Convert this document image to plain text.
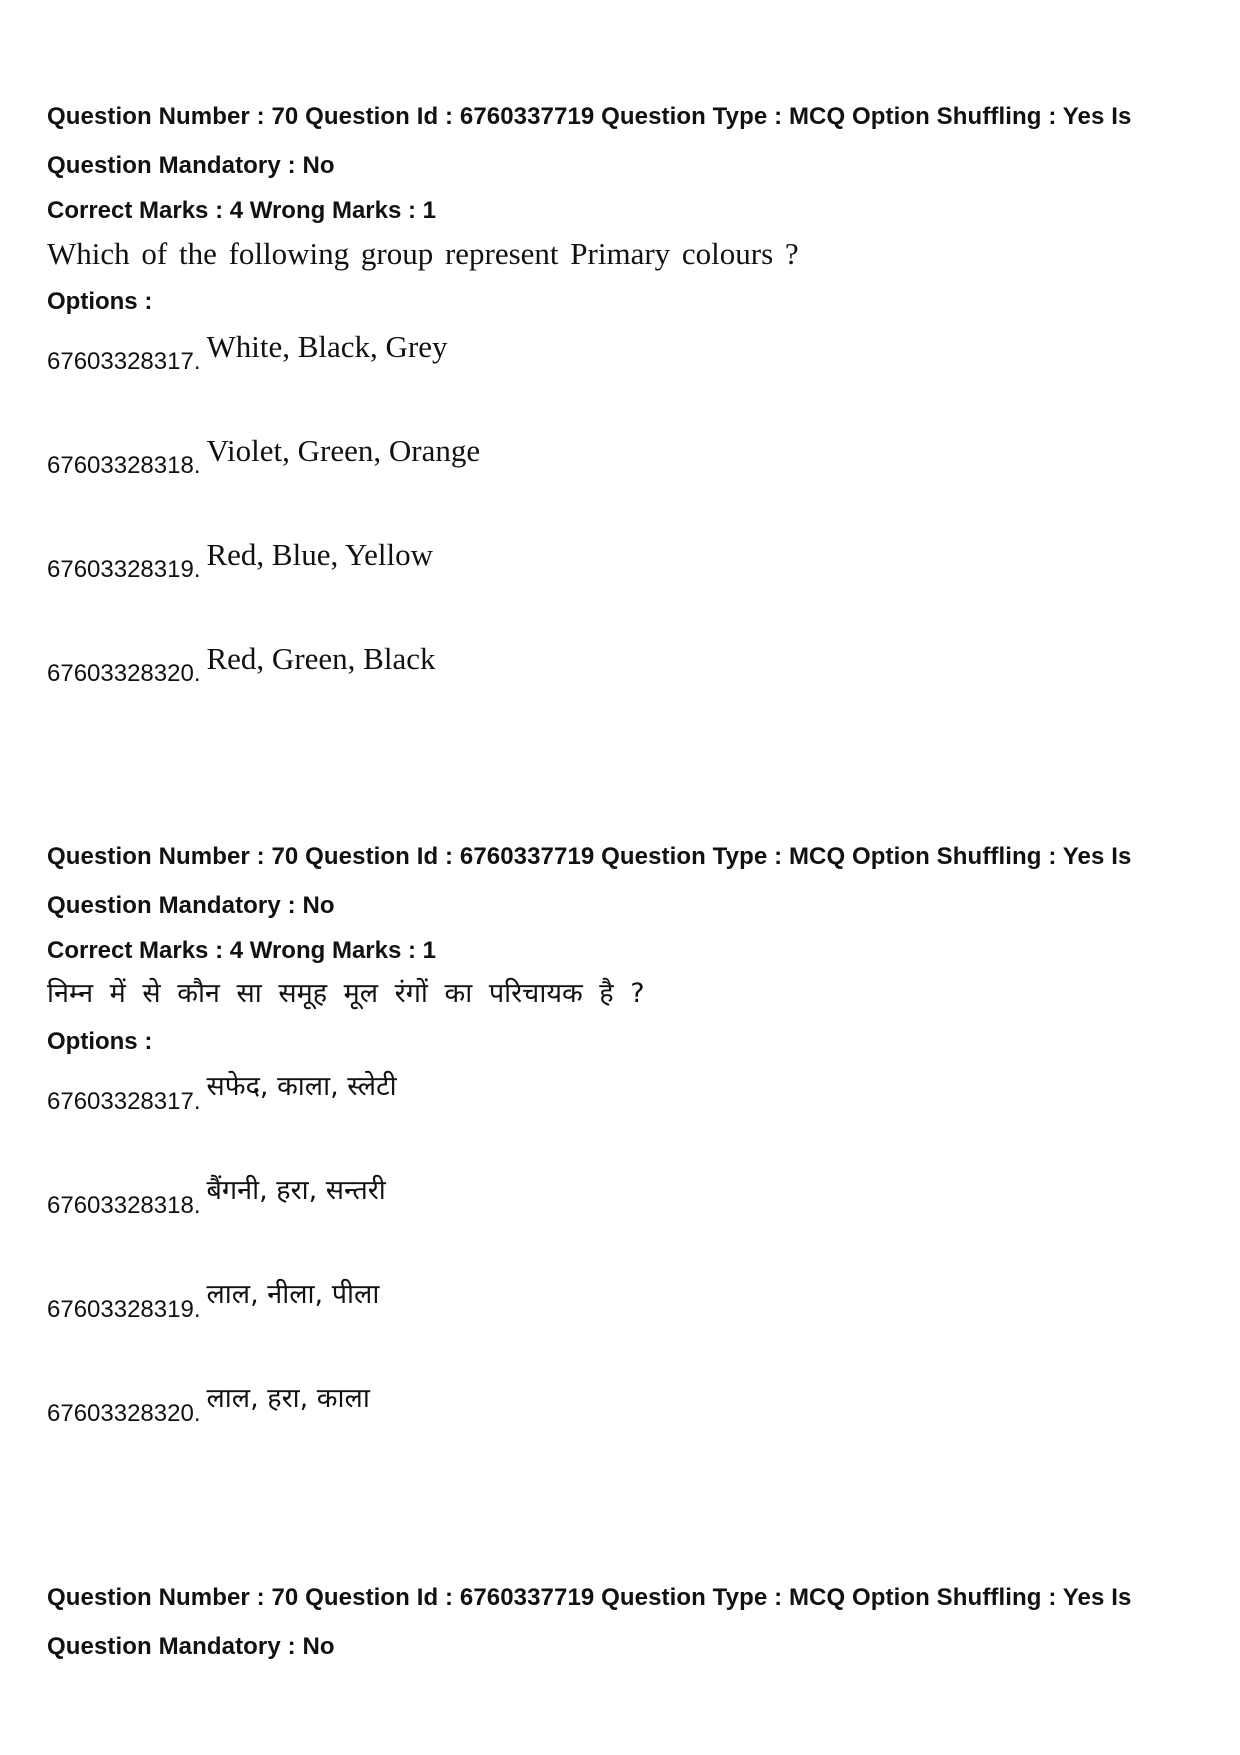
Question Number : 70 Question Id : 6760337719 Question Type : MCQ Option Shuffling : Yes Is

Question Mandatory : No

Correct Marks : 4 Wrong Marks : 1
Which of the following group represent Primary colours ?
Options :
67603328317. White, Black, Grey
67603328318. Violet, Green, Orange
67603328319. Red, Blue, Yellow
67603328320. Red, Green, Black

Question Number : 70 Question Id : 6760337719 Question Type : MCQ Option Shuffling : Yes Is

Question Mandatory : No

Correct Marks : 4 Wrong Marks : 1
निम्न में से कौन सा समूह मूल रंगों का परिचायक है ?
Options :
67603328317. सफेद, काला, स्लेटी
67603328318. बैंगनी, हरा, सन्तरी
67603328319. लाल, नीला, पीला
67603328320. लाल, हरा, काला

Question Number : 70 Question Id : 6760337719 Question Type : MCQ Option Shuffling : Yes Is

Question Mandatory : No
